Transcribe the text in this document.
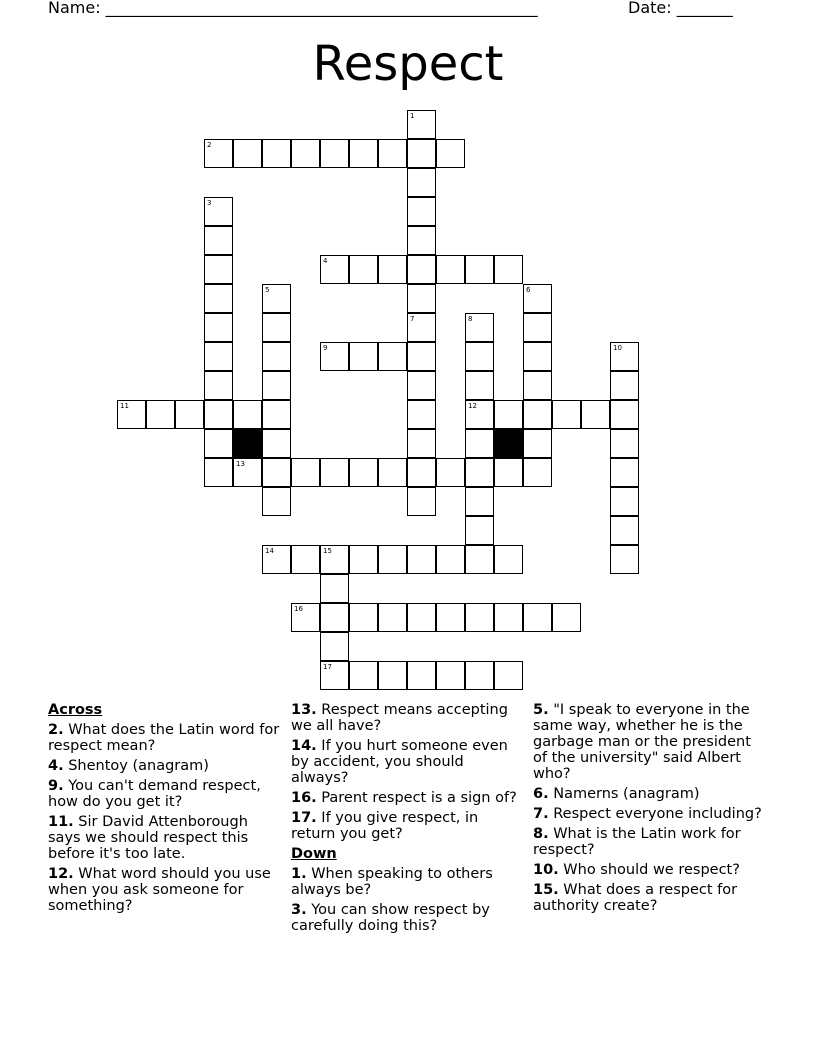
Name: ______________________________________________________	Date: _______
Respect
1
2
3
4
5	6
7	8
12
9	10
11
13
14	15
17
16
Across
2. What does the Latin word for respect mean?
4. Shentoy (anagram)
9. You can't demand respect, how do you get it?
11. Sir David Attenborough says we should respect this before it's too late.
12. What word should you use when you ask someone for something?
13. Respect means accepting we all have?
14. If you hurt someone even by accident, you should always?
16. Parent respect is a sign of?
17. If you give respect, in return you get?
Down
1. When speaking to others always be?
3. You can show respect by carefully doing this?
5. "I speak to everyone in the same way, whether he is the garbage man or the president of the university" said Albert who?
6. Namerns (anagram)
7. Respect everyone including?
8. What is the Latin work for respect?
10. Who should we respect?
15. What does a respect for authority create?
